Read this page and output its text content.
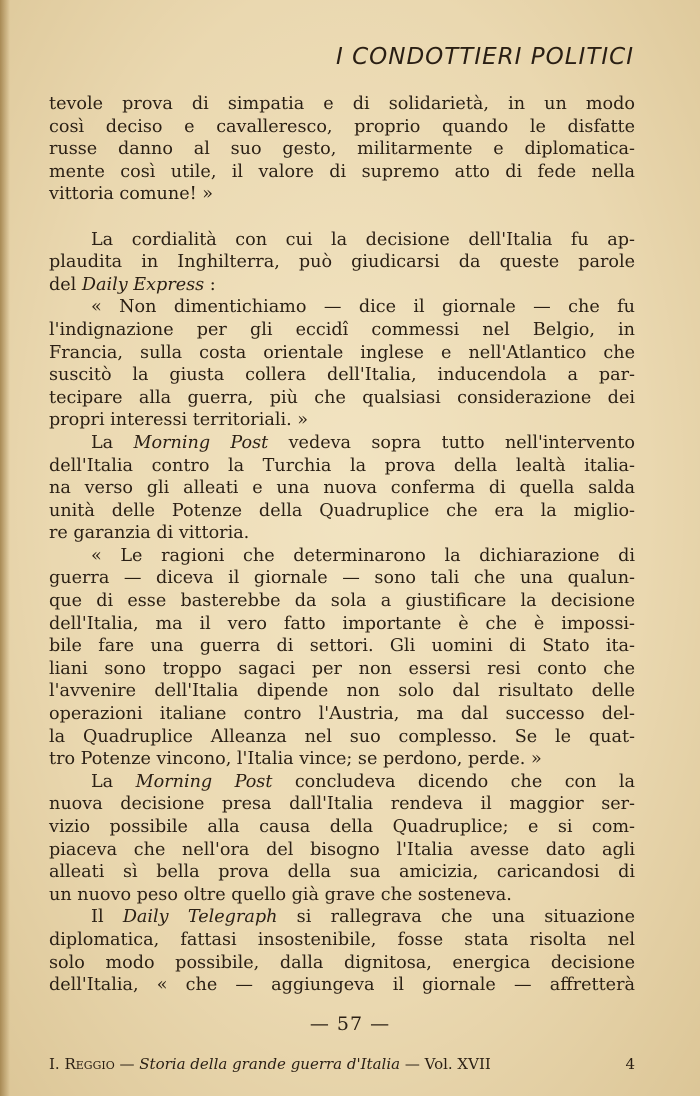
I CONDOTTIERI POLITICI
tevole prova di simpatia e di solidarietà, in un modo
così deciso e cavalleresco, proprio quando le disfatte
russe danno al suo gesto, militarmente e diplomatica-
mente così utile, il valore di supremo atto di fede nella
vittoria comune! »
La cordialità con cui la decisione dell'Italia fu ap-
plaudita in Inghilterra, può giudicarsi da queste parole
del Daily Express :
« Non dimentichiamo — dice il giornale — che fu
l'indignazione per gli eccidî commessi nel Belgio, in
Francia, sulla costa orientale inglese e nell'Atlantico che
suscitò la giusta collera dell'Italia, inducendola a par-
tecipare alla guerra, più che qualsiasi considerazione dei
propri interessi territoriali. »
La Morning Post vedeva sopra tutto nell'intervento
dell'Italia contro la Turchia la prova della lealtà italia-
na verso gli alleati e una nuova conferma di quella salda
unità delle Potenze della Quadruplice che era la miglio-
re garanzia di vittoria.
« Le ragioni che determinarono la dichiarazione di
guerra — diceva il giornale — sono tali che una qualun-
que di esse basterebbe da sola a giustificare la decisione
dell'Italia, ma il vero fatto importante è che è impossi-
bile fare una guerra di settori. Gli uomini di Stato ita-
liani sono troppo sagaci per non essersi resi conto che
l'avvenire dell'Italia dipende non solo dal risultato delle
operazioni italiane contro l'Austria, ma dal successo del-
la Quadruplice Alleanza nel suo complesso. Se le quat-
tro Potenze vincono, l'Italia vince; se perdono, perde. »
La Morning Post concludeva dicendo che con la
nuova decisione presa dall'Italia rendeva il maggior ser-
vizio possibile alla causa della Quadruplice; e si com-
piaceva che nell'ora del bisogno l'Italia avesse dato agli
alleati sì bella prova della sua amicizia, caricandosi di
un nuovo peso oltre quello già grave che sosteneva.
Il Daily Telegraph si rallegrava che una situazione
diplomatica, fattasi insostenibile, fosse stata risolta nel
solo modo possibile, dalla dignitosa, energica decisione
dell'Italia, « che — aggiungeva il giornale — affretterà
— 57 —
I. Reggio — Storia della grande guerra d'Italia — Vol. XVII	4
